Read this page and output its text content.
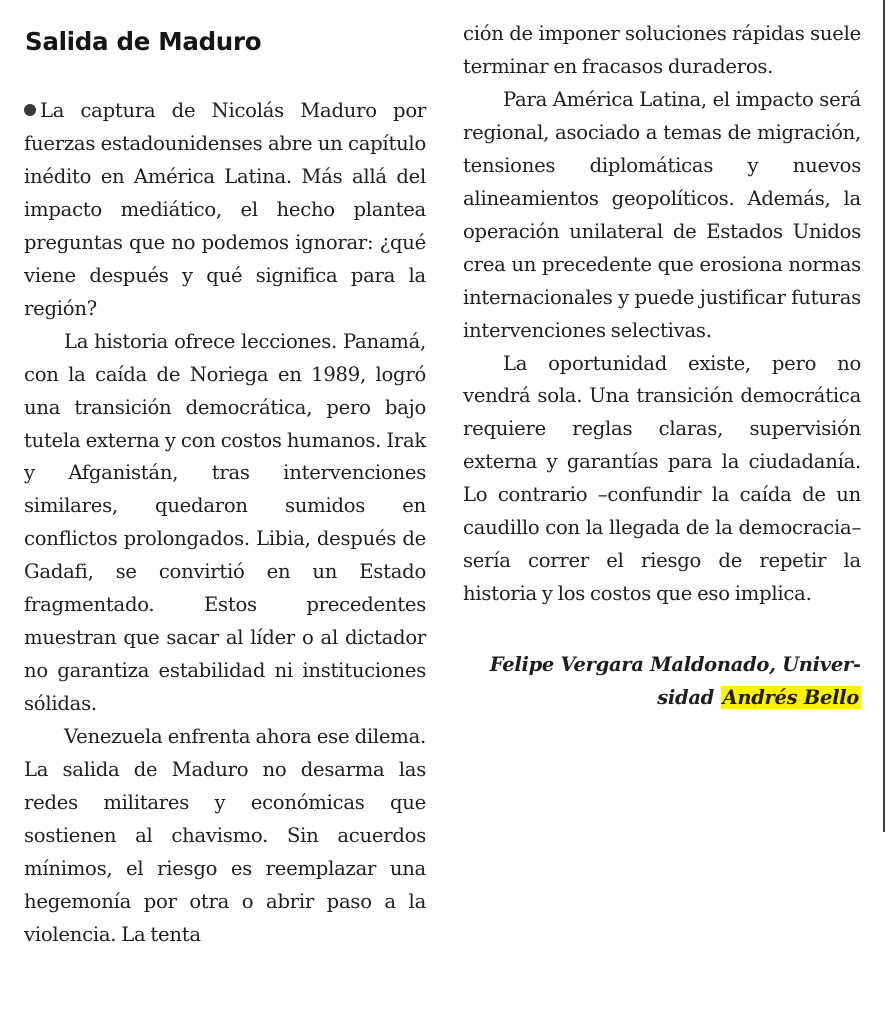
Salida de Maduro

La captura de Nicolás Maduro por fuerzas estadounidenses abre un capítulo inédito en América Latina. Más allá del impacto mediático, el hecho plantea preguntas que no podemos ignorar: ¿qué viene después y qué significa para la región?

La historia ofrece lecciones. Panamá, con la caída de Noriega en 1989, logró una transición democrática, pero bajo tutela externa y con costos humanos. Irak y Afganistán, tras intervenciones similares, quedaron sumidos en conflictos prolongados. Libia, después de Gadafi, se convirtió en un Estado fragmentado. Estos precedentes muestran que sacar al líder o al dictador no garantiza estabilidad ni instituciones sólidas.

Venezuela enfrenta ahora ese dilema. La salida de Maduro no desarma las redes militares y económicas que sostienen al chavismo. Sin acuerdos mínimos, el riesgo es reemplazar una hegemonía por otra o abrir paso a la violencia. La tenta

ción de imponer soluciones rápidas suele terminar en fracasos duraderos.

Para América Latina, el impacto será regional, asociado a temas de migración, tensiones diplomáticas y nuevos alineamientos geopolíticos. Además, la operación unilateral de Estados Unidos crea un precedente que erosiona normas internacionales y puede justificar futuras intervenciones selectivas.

La oportunidad existe, pero no vendrá sola. Una transición democrática requiere reglas claras, supervisión externa y garantías para la ciudadanía. Lo contrario –confundir la caída de un caudillo con la llegada de la democracia– sería correr el riesgo de repetir la historia y los costos que eso implica.

Felipe Vergara Maldonado, Universidad Andrés Bello
